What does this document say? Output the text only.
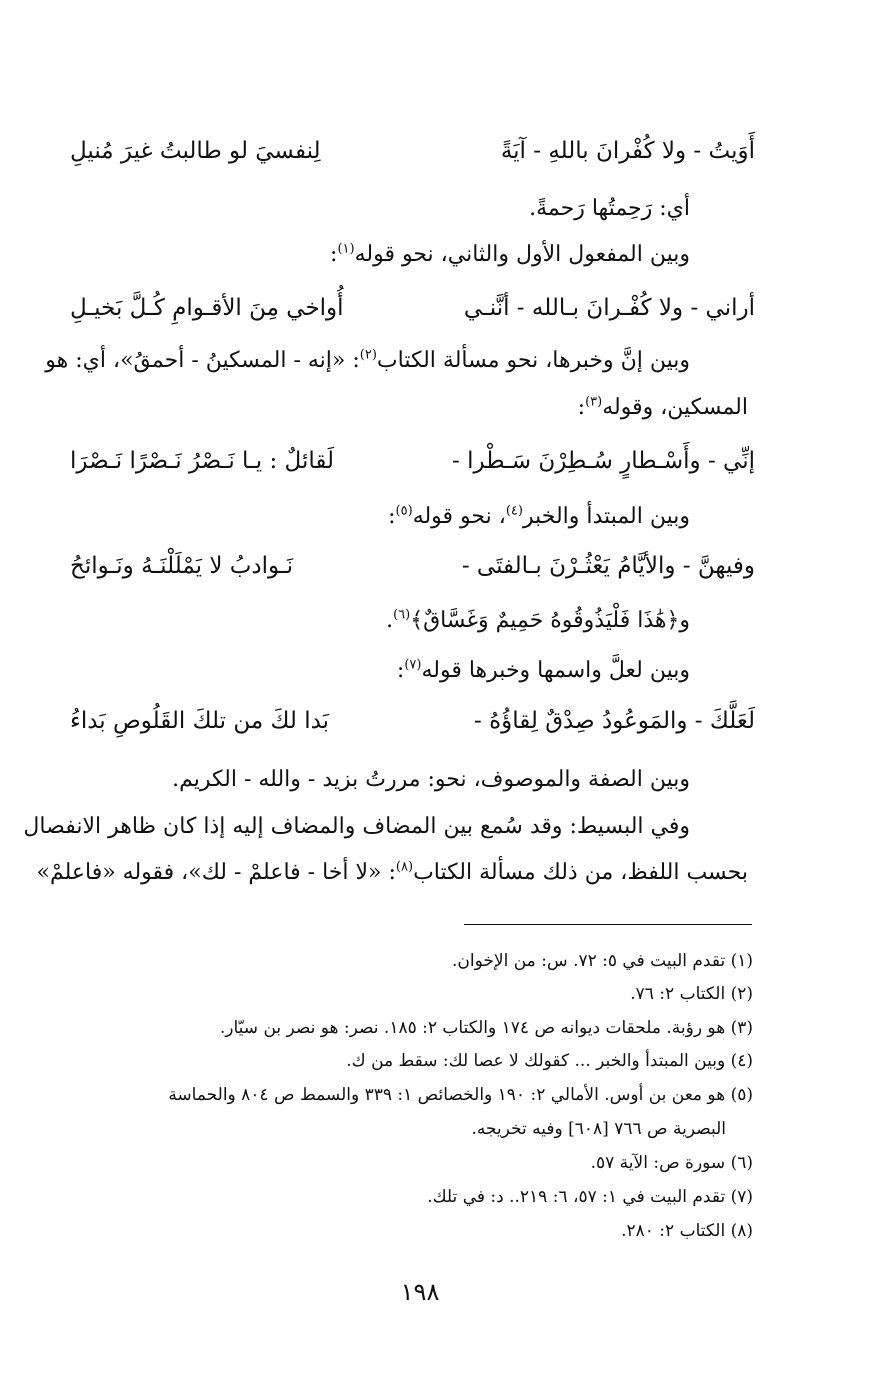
أَوَيتُ - ولا كُفْرانَ باللهِ - آيَةً
لِنفسيَ لو طالبتُ غيرَ مُنيلِ
أي: رَحِمتُها رَحمةً.
وبين المفعول الأول والثاني، نحو قوله$^{(١)}$:
أراني - ولا كُفْـرانَ بـالله - أنَّنـي
أُواخي مِنَ الأقـوامِ كُـلَّ بَخيـلِ
وبين إنَّ وخبرها، نحو مسألة الكتاب$^{(٢)}$: «إنه - المسكينُ - أحمقُ»، أي: هو
المسكين، وقوله$^{(٣)}$:
إنِّي - وأَسْـطارٍ سُـطِرْنَ سَـطْرا -
لَقائلٌ : يـا نَـصْرُ نَـصْرًا نَـصْرَا
وبين المبتدأ والخبر$^{(٤)}$، نحو قوله$^{(٥)}$:
وفيهنَّ - والأيَّامُ يَعْثُـرْنَ بـالفتَى -
نَـوادبُ لا يَمْلَلْنَـهُ ونَـوائحُ
و﴿هَٰذَا فَلْيَذُوقُوهُ حَمِيمٌ وَغَسَّاقٌ﴾$^{(٦)}$.
وبين لعلَّ واسمها وخبرها قوله$^{(٧)}$:
لَعَلَّكَ - والمَوعُودُ صِدْقٌ لِقاؤُهُ -
بَدا لكَ من تلكَ القَلُوصِ بَداءُ
وبين الصفة والموصوف، نحو: مررتُ بزيد - والله - الكريم.
وفي البسيط: وقد سُمع بين المضاف والمضاف إليه إذا كان ظاهر الانفصال
بحسب اللفظ، من ذلك مسألة الكتاب$^{(٨)}$: «لا أخا - فاعلمْ - لك»، فقوله «فاعلمْ»
(١) تقدم البيت في ٥: ٧٢. س: من الإخوان.
(٢) الكتاب ٢: ٧٦.
(٣) هو رؤبة. ملحقات ديوانه ص ١٧٤ والكتاب ٢: ١٨٥. نصر: هو نصر بن سيّار.
(٤) وبين المبتدأ والخبر ... كقولك لا عصا لك: سقط من ك.
(٥) هو معن بن أوس. الأمالي ٢: ١٩٠ والخصائص ١: ٣٣٩ والسمط ص ٨٠٤ والحماسة
البصرية ص ٧٦٦ [٦٠٨] وفيه تخريجه.
(٦) سورة ص: الآية ٥٧.
(٧) تقدم البيت في ١: ٥٧، ٦: ٢١٩.. د: في تلك.
(٨) الكتاب ٢: ٢٨٠.
١٩٨
